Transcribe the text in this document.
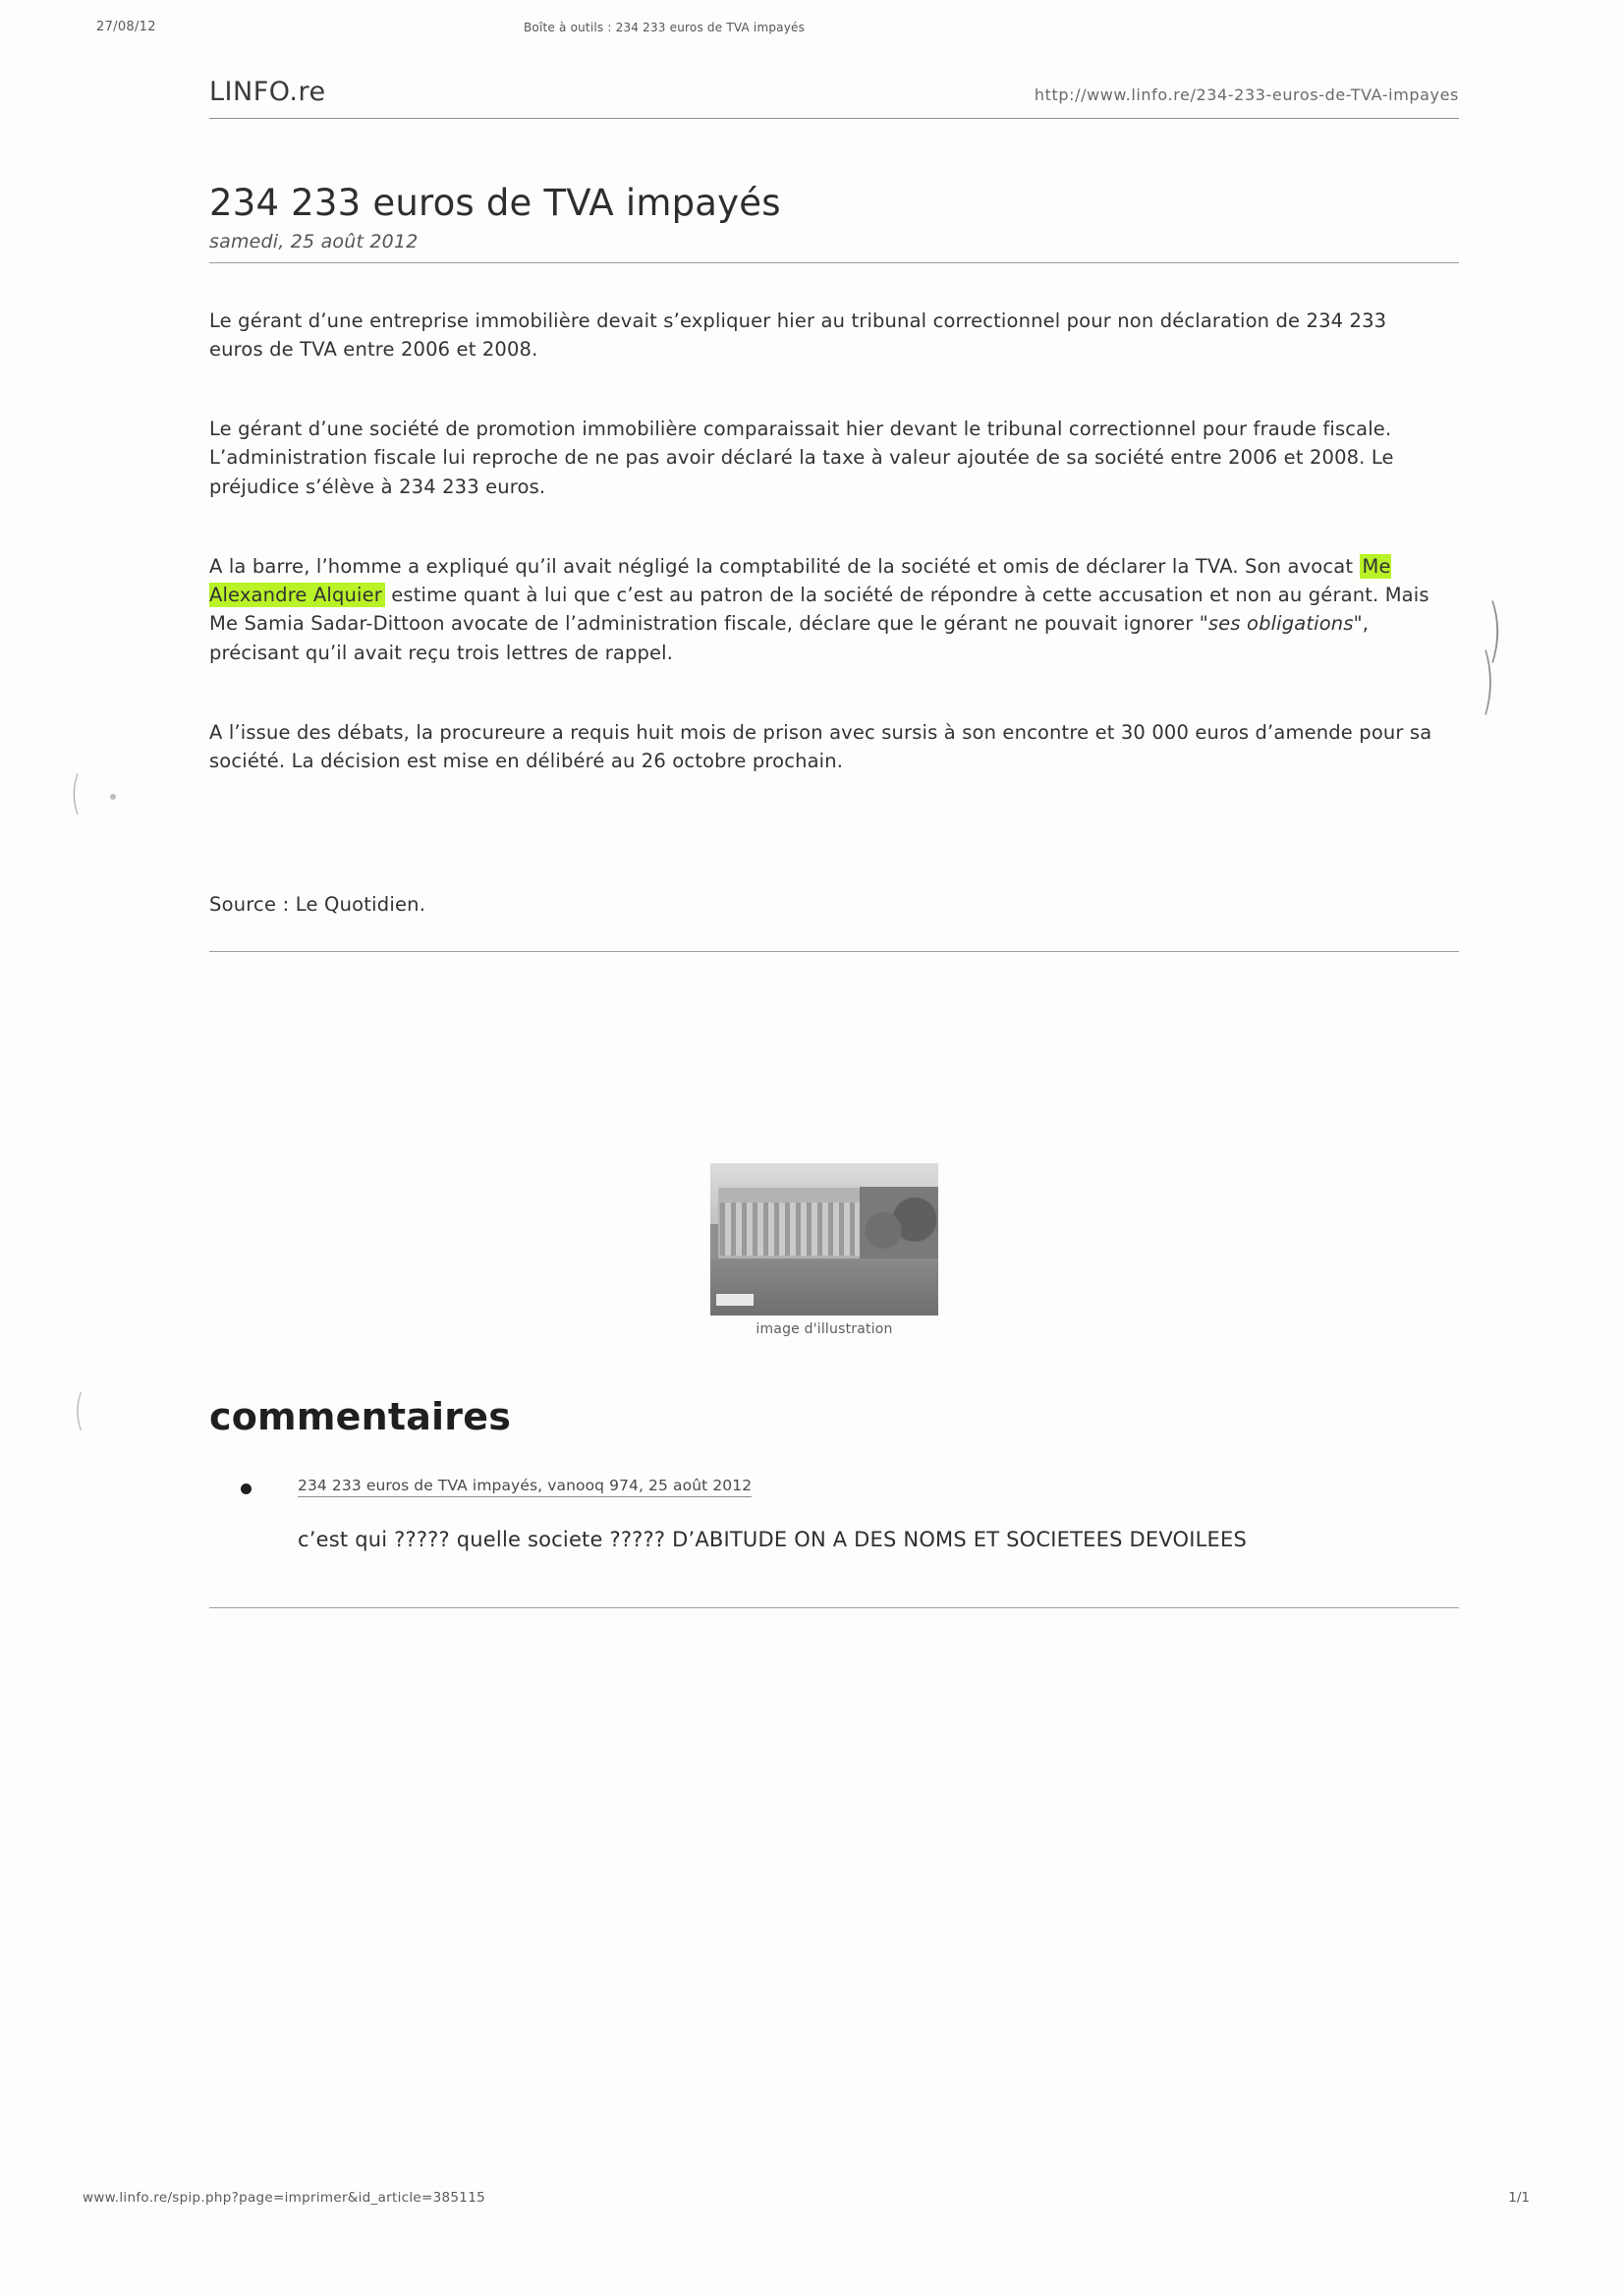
27/08/12	Boîte à outils : 234 233 euros de TVA impayés
LINFO.re	http://www.linfo.re/234-233-euros-de-TVA-impayes
234 233 euros de TVA impayés
samedi, 25 août 2012

Le gérant d’une entreprise immobilière devait s’expliquer hier au tribunal correctionnel pour non déclaration de 234 233 euros de TVA entre 2006 et 2008.

Le gérant d’une société de promotion immobilière comparaissait hier devant le tribunal correctionnel pour fraude fiscale. L’administration fiscale lui reproche de ne pas avoir déclaré la taxe à valeur ajoutée de sa société entre 2006 et 2008. Le préjudice s’élève à 234 233 euros.

A la barre, l’homme a expliqué qu’il avait négligé la comptabilité de la société et omis de déclarer la TVA. Son avocat Me Alexandre Alquier estime quant à lui que c’est au patron de la société de répondre à cette accusation et non au gérant. Mais Me Samia Sadar-Dittoon avocate de l’administration fiscale, déclare que le gérant ne pouvait ignorer "ses obligations", précisant qu’il avait reçu trois lettres de rappel.

A l’issue des débats, la procureure a requis huit mois de prison avec sursis à son encontre et 30 000 euros d’amende pour sa société. La décision est mise en délibéré au 26 octobre prochain.

Source : Le Quotidien.
image d'illustration
commentaires
234 233 euros de TVA impayés, vanooq 974, 25 août 2012
c’est qui ????? quelle societe ????? D’ABITUDE ON A DES NOMS ET SOCIETEES DEVOILEES
)
)
(
(
www.linfo.re/spip.php?page=imprimer&id_article=385115	1/1
